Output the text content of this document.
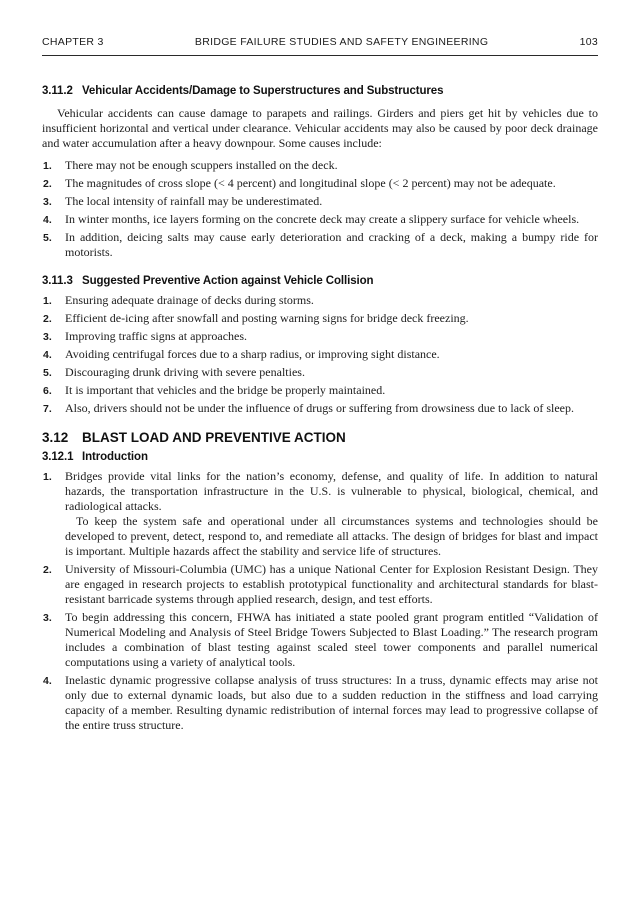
CHAPTER 3	BRIDGE FAILURE STUDIES AND SAFETY ENGINEERING	103
3.11.2 Vehicular Accidents/Damage to Superstructures and Substructures

Vehicular accidents can cause damage to parapets and railings. Girders and piers get hit by vehicles due to insufficient horizontal and vertical under clearance. Vehicular accidents may also be caused by poor deck drainage and water accumulation after a heavy downpour. Some causes include:

1. There may not be enough scuppers installed on the deck.
2. The magnitudes of cross slope (< 4 percent) and longitudinal slope (< 2 percent) may not be adequate.
3. The local intensity of rainfall may be underestimated.
4. In winter months, ice layers forming on the concrete deck may create a slippery surface for vehicle wheels.
5. In addition, deicing salts may cause early deterioration and cracking of a deck, making a bumpy ride for motorists.
3.11.3 Suggested Preventive Action against Vehicle Collision
1. Ensuring adequate drainage of decks during storms.
2. Efficient de-icing after snowfall and posting warning signs for bridge deck freezing.
3. Improving traffic signs at approaches.
4. Avoiding centrifugal forces due to a sharp radius, or improving sight distance.
5. Discouraging drunk driving with severe penalties.
6. It is important that vehicles and the bridge be properly maintained.
7. Also, drivers should not be under the influence of drugs or suffering from drowsiness due to lack of sleep.
3.12 BLAST LOAD AND PREVENTIVE ACTION
3.12.1 Introduction
1. Bridges provide vital links for the nation’s economy, defense, and quality of life. In addition to natural hazards, the transportation infrastructure in the U.S. is vulnerable to physical, biological, chemical, and radiological attacks.

To keep the system safe and operational under all circumstances systems and technologies should be developed to prevent, detect, respond to, and remediate all attacks. The design of bridges for blast and impact is important. Multiple hazards affect the stability and service life of structures.

2. University of Missouri-Columbia (UMC) has a unique National Center for Explosion Resistant Design. They are engaged in research projects to establish prototypical functionality and architectural standards for blast-resistant barricade systems through applied research, design, and test efforts.
3. To begin addressing this concern, FHWA has initiated a state pooled grant program entitled “Validation of Numerical Modeling and Analysis of Steel Bridge Towers Subjected to Blast Loading.” The research program includes a combination of blast testing against scaled steel tower components and parallel numerical computations using a variety of analytical tools.
4. Inelastic dynamic progressive collapse analysis of truss structures: In a truss, dynamic effects may arise not only due to external dynamic loads, but also due to a sudden reduction in the stiffness and load carrying capacity of a member. Resulting dynamic redistribution of internal forces may lead to progressive collapse of the entire truss structure.
